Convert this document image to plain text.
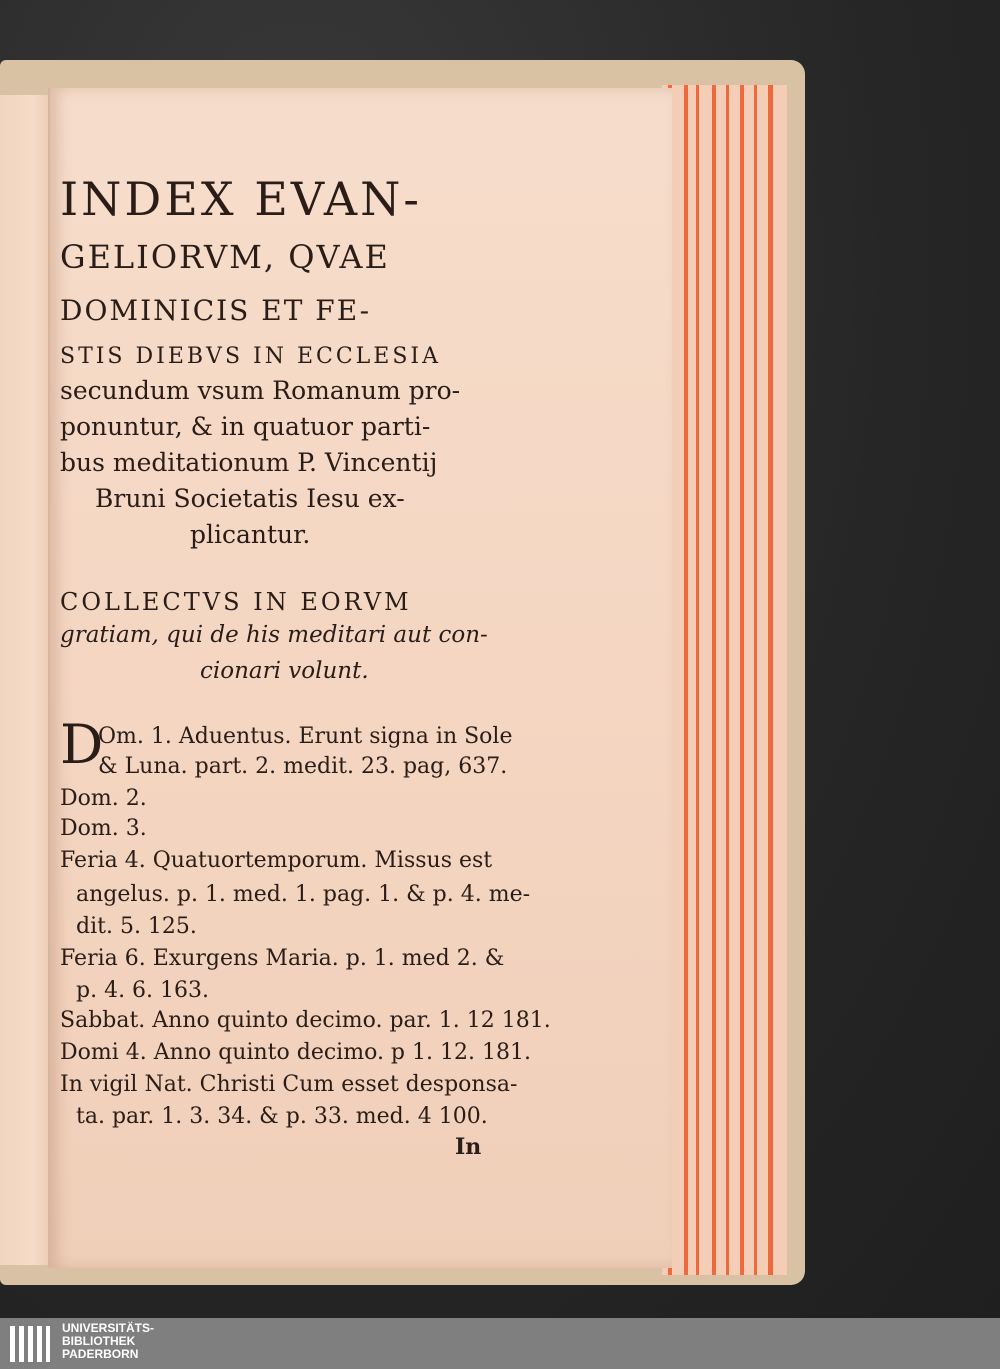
INDEX EVAN-
GELIORVM, QVAE
DOMINICIS ET FE-
STIS DIEBVS IN ECCLESIA
secundum vsum Romanum pro-
ponuntur, & in quatuor parti-
bus meditationum P. Vincentij
Bruni Societatis Iesu ex-
plicantur.
COLLECTVS IN EORVM
gratiam, qui de his meditari aut con-
cionari volunt.
D
Om. 1. Aduentus. Erunt signa in Sole
& Luna. part. 2. medit. 23. pag, 637.
Dom. 2.
Dom. 3.
Feria 4. Quatuortemporum. Missus est
angelus. p. 1. med. 1. pag. 1. & p. 4. me-
dit. 5. 125.
Feria 6. Exurgens Maria. p. 1. med 2. &
p. 4. 6. 163.
Sabbat. Anno quinto decimo. par. 1. 12 181.
Domi 4. Anno quinto decimo. p 1. 12. 181.
In vigil Nat. Christi Cum esset desponsa-
ta. par. 1. 3. 34. & p. 33. med. 4 100.
In
UNIVERSITÄTS-
BIBLIOTHEK
PADERBORN
